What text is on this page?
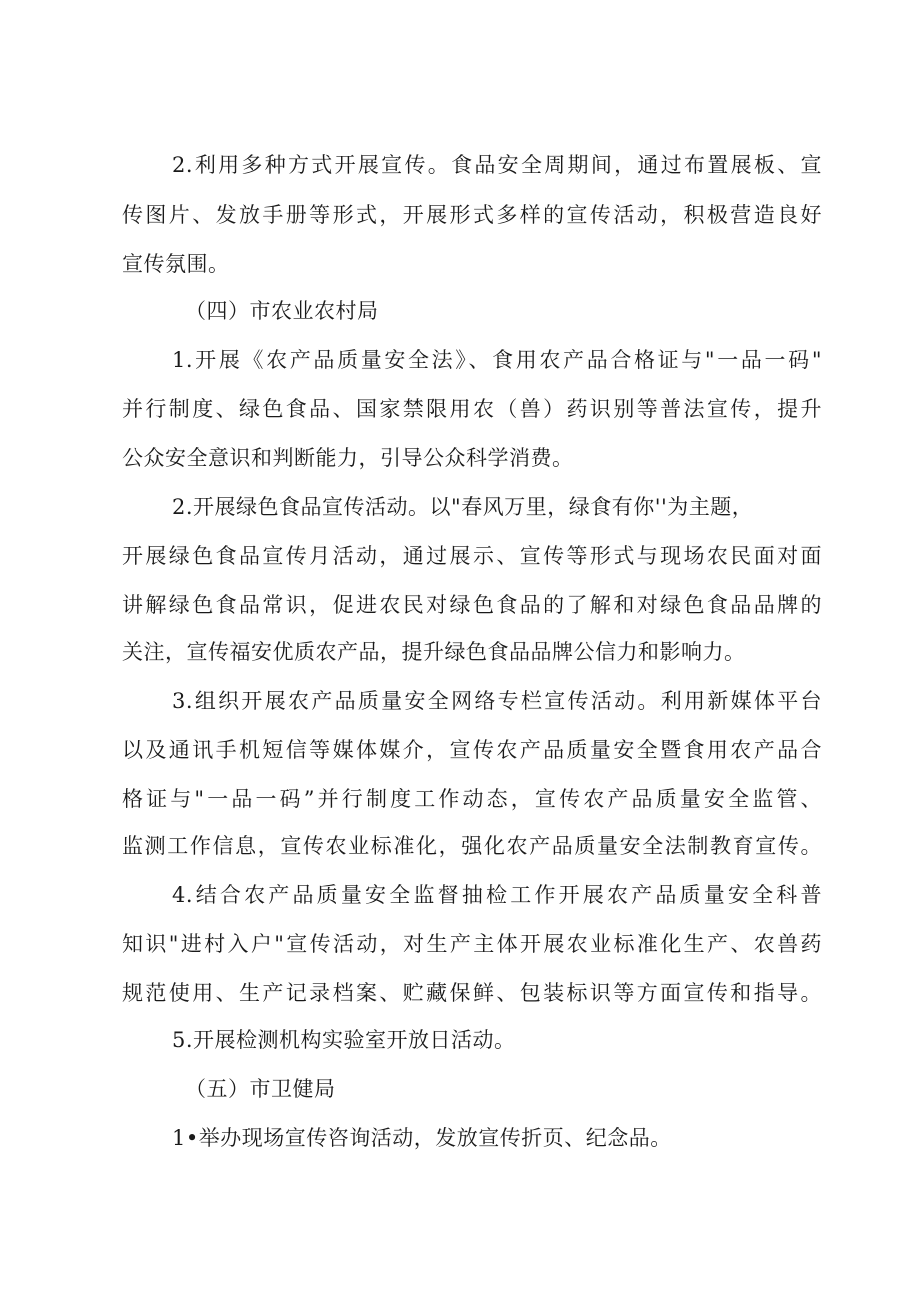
2.利用多种方式开展宣传。食品安全周期间，通过布置展板、宣
传图片、发放手册等形式，开展形式多样的宣传活动，积极营造良好
宣传氛围。
（四）市农业农村局
1.开展《农产品质量安全法》、食用农产品合格证与"一品一码"
并行制度、绿色食品、国家禁限用农（兽）药识别等普法宣传，提升
公众安全意识和判断能力，引导公众科学消费。
2.开展绿色食品宣传活动。以"春风万里，绿食有你''为主题，
开展绿色食品宣传月活动，通过展示、宣传等形式与现场农民面对面
讲解绿色食品常识，促进农民对绿色食品的了解和对绿色食品品牌的
关注，宣传福安优质农产品，提升绿色食品品牌公信力和影响力。
3.组织开展农产品质量安全网络专栏宣传活动。利用新媒体平台
以及通讯手机短信等媒体媒介，宣传农产品质量安全暨食用农产品合
格证与"一品一码”并行制度工作动态，宣传农产品质量安全监管、
监测工作信息，宣传农业标准化，强化农产品质量安全法制教育宣传。
4.结合农产品质量安全监督抽检工作开展农产品质量安全科普
知识"进村入户"宣传活动，对生产主体开展农业标准化生产、农兽药
规范使用、生产记录档案、贮藏保鲜、包装标识等方面宣传和指导。
5.开展检测机构实验室开放日活动。
（五）市卫健局
1•举办现场宣传咨询活动，发放宣传折页、纪念品。
